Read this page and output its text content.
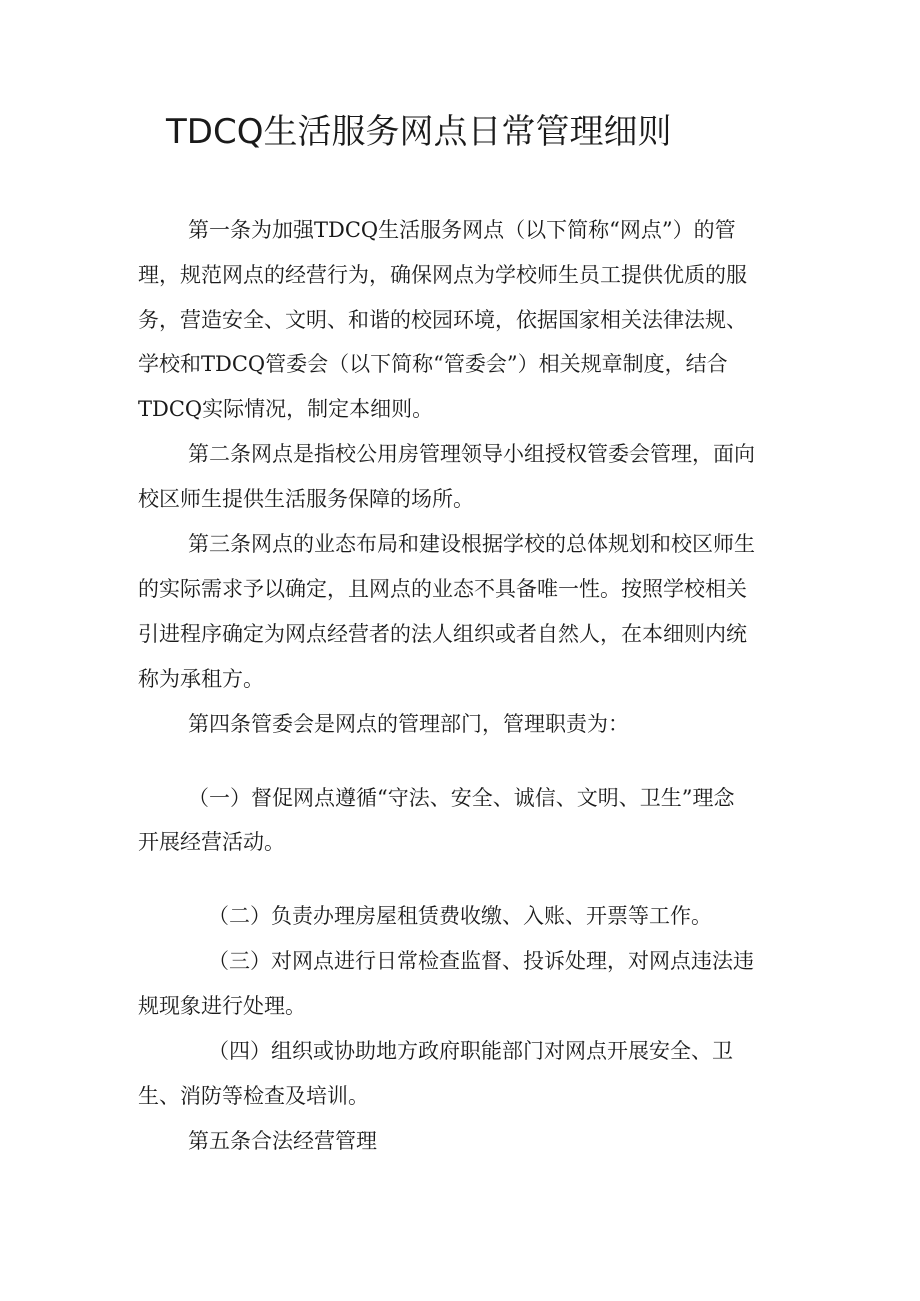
TDCQ生活服务网点日常管理细则

第一条为加强TDCQ生活服务网点（以下简称“网点”）的管

理，规范网点的经营行为，确保网点为学校师生员工提供优质的服

务，营造安全、文明、和谐的校园环境，依据国家相关法律法规、

学校和TDCQ管委会（以下简称“管委会”）相关规章制度，结合

TDCQ实际情况，制定本细则。

第二条网点是指校公用房管理领导小组授权管委会管理，面向

校区师生提供生活服务保障的场所。

第三条网点的业态布局和建设根据学校的总体规划和校区师生

的实际需求予以确定，且网点的业态不具备唯一性。按照学校相关

引进程序确定为网点经营者的法人组织或者自然人，在本细则内统

称为承租方。

第四条管委会是网点的管理部门，管理职责为：

（一）督促网点遵循“守法、安全、诚信、文明、卫生”理念

开展经营活动。

（二）负责办理房屋租赁费收缴、入账、开票等工作。

（三）对网点进行日常检查监督、投诉处理，对网点违法违

规现象进行处理。

（四）组织或协助地方政府职能部门对网点开展安全、卫

生、消防等检查及培训。

第五条合法经营管理
